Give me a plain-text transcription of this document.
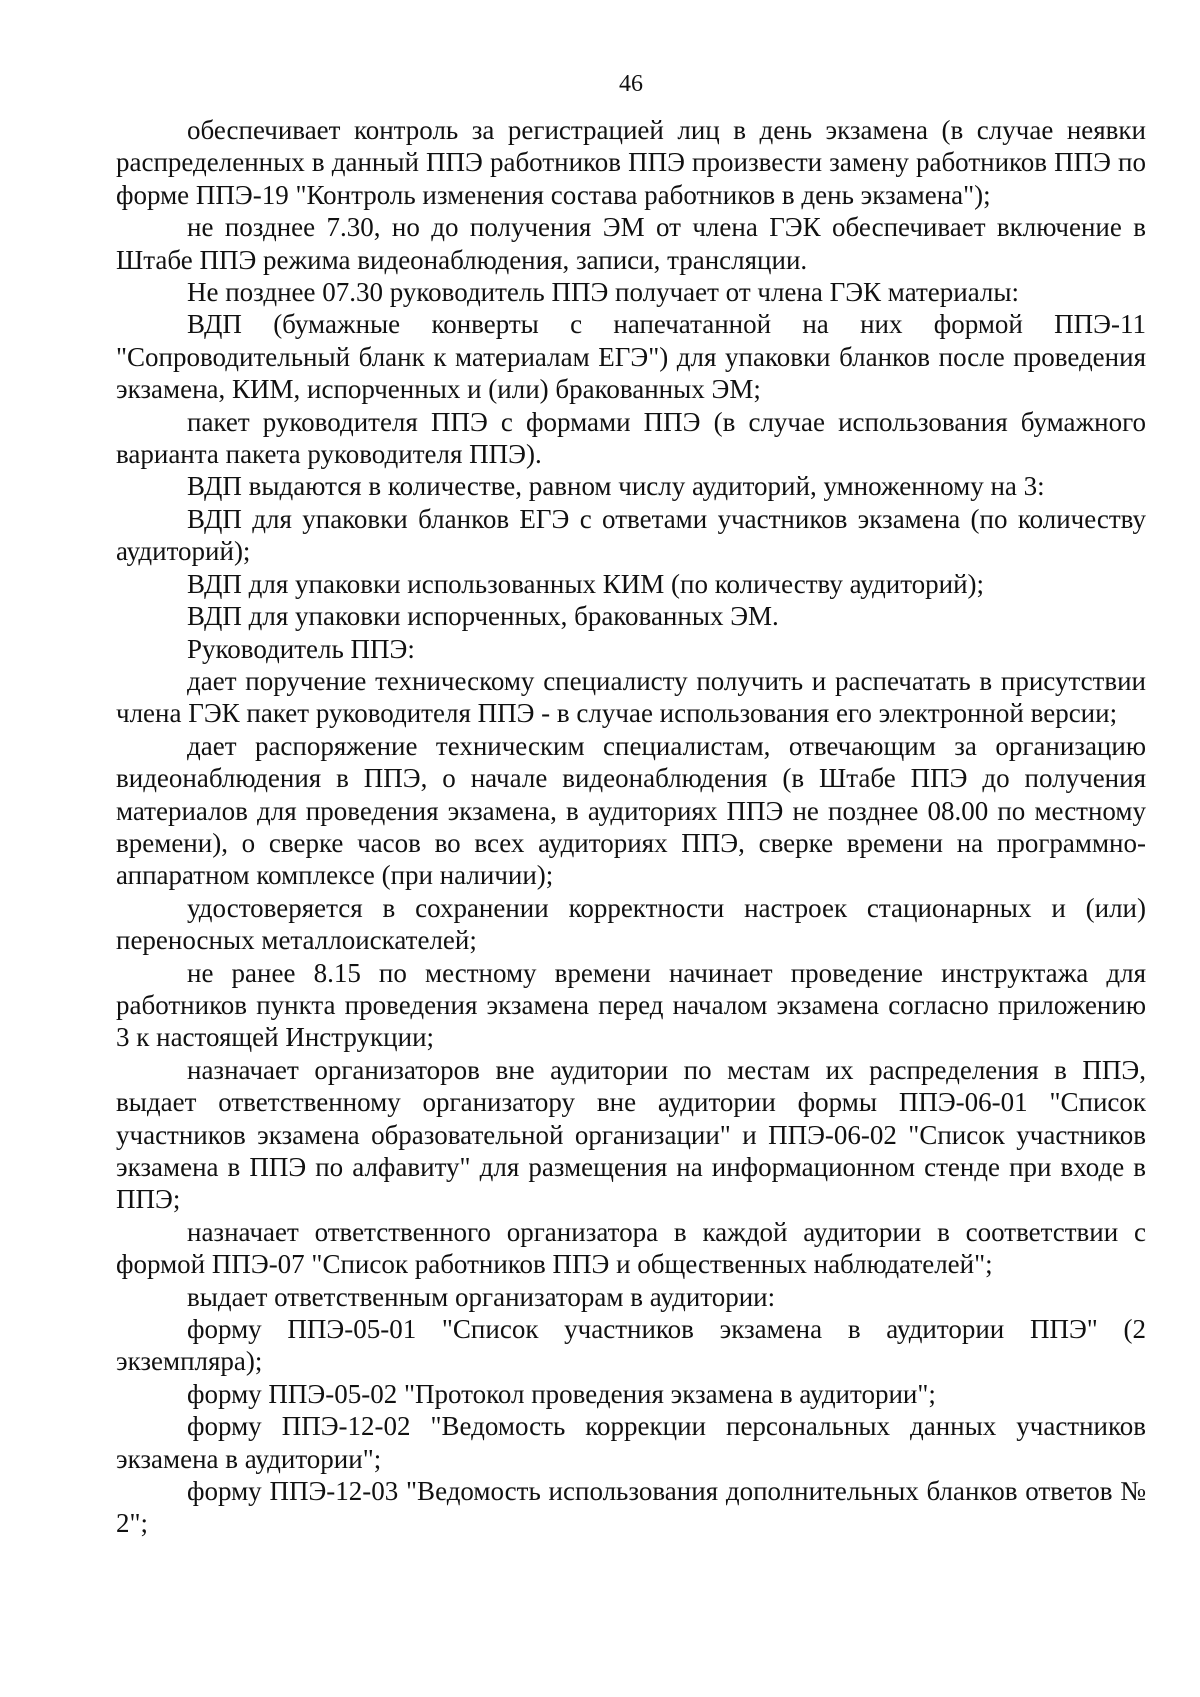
46

обеспечивает контроль за регистрацией лиц в день экзамена (в случае неявки распределенных в данный ППЭ работников ППЭ произвести замену работников ППЭ по форме ППЭ-19 "Контроль изменения состава работников в день экзамена");

не позднее 7.30, но до получения ЭМ от члена ГЭК обеспечивает включение в Штабе ППЭ режима видеонаблюдения, записи, трансляции.

Не позднее 07.30 руководитель ППЭ получает от члена ГЭК материалы:

ВДП (бумажные конверты с напечатанной на них формой ППЭ-11 "Сопроводительный бланк к материалам ЕГЭ") для упаковки бланков после проведения экзамена, КИМ, испорченных и (или) бракованных ЭМ;

пакет руководителя ППЭ с формами ППЭ (в случае использования бумажного варианта пакета руководителя ППЭ).

ВДП выдаются в количестве, равном числу аудиторий, умноженному на 3:

ВДП для упаковки бланков ЕГЭ с ответами участников экзамена (по количеству аудиторий);

ВДП для упаковки использованных КИМ (по количеству аудиторий);

ВДП для упаковки испорченных, бракованных ЭМ.

Руководитель ППЭ:

дает поручение техническому специалисту получить и распечатать в присутствии члена ГЭК пакет руководителя ППЭ - в случае использования его электронной версии;

дает распоряжение техническим специалистам, отвечающим за организацию видеонаблюдения в ППЭ, о начале видеонаблюдения (в Штабе ППЭ до получения материалов для проведения экзамена, в аудиториях ППЭ не позднее 08.00 по местному времени), о сверке часов во всех аудиториях ППЭ, сверке времени на программно-аппаратном комплексе (при наличии);

удостоверяется в сохранении корректности настроек стационарных и (или) переносных металлоискателей;

не ранее 8.15 по местному времени начинает проведение инструктажа для работников пункта проведения экзамена перед началом экзамена согласно приложению 3 к настоящей Инструкции;

назначает организаторов вне аудитории по местам их распределения в ППЭ, выдает ответственному организатору вне аудитории формы ППЭ-06-01 "Список участников экзамена образовательной организации" и ППЭ-06-02 "Список участников экзамена в ППЭ по алфавиту" для размещения на информационном стенде при входе в ППЭ;

назначает ответственного организатора в каждой аудитории в соответствии с формой ППЭ-07 "Список работников ППЭ и общественных наблюдателей";

выдает ответственным организаторам в аудитории:

форму ППЭ-05-01 "Список участников экзамена в аудитории ППЭ" (2 экземпляра);

форму ППЭ-05-02 "Протокол проведения экзамена в аудитории";

форму ППЭ-12-02 "Ведомость коррекции персональных данных участников экзамена в аудитории";

форму ППЭ-12-03 "Ведомость использования дополнительных бланков ответов № 2";
